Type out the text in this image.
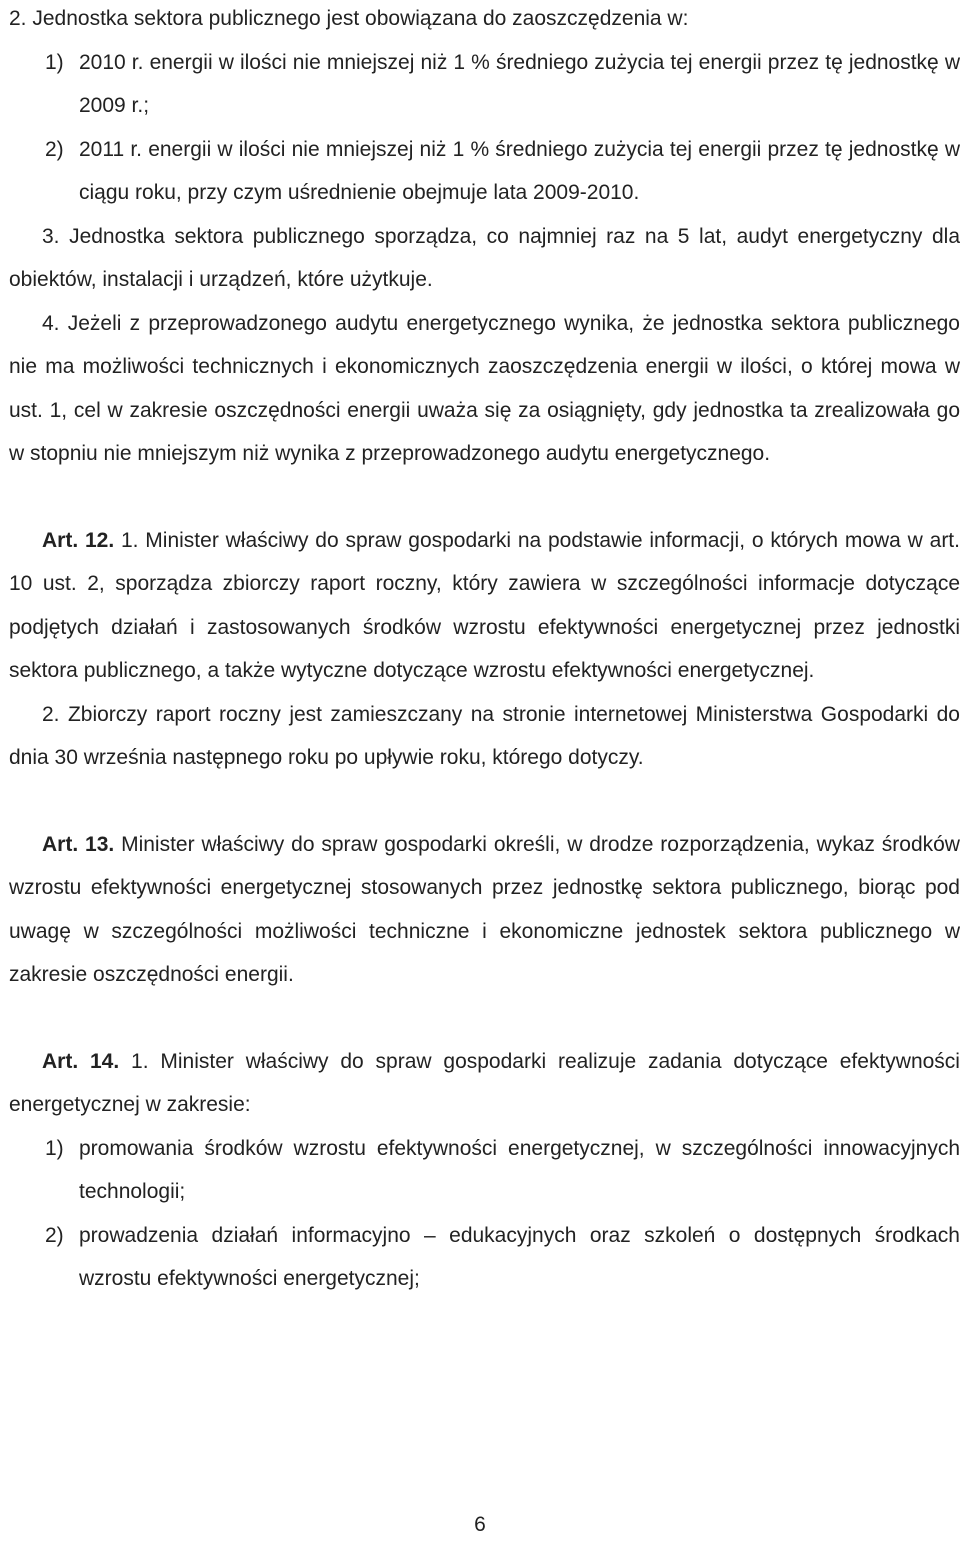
2. Jednostka sektora publicznego jest obowiązana do zaoszczędzenia w:

1) 2010 r. energii w ilości nie mniejszej niż 1 % średniego zużycia tej energii przez tę jednostkę w 2009 r.;
2) 2011 r. energii w ilości nie mniejszej niż 1 % średniego zużycia tej energii przez tę jednostkę w ciągu roku, przy czym uśrednienie obejmuje lata 2009-2010.

3. Jednostka sektora publicznego sporządza, co najmniej raz na 5 lat, audyt energetyczny dla obiektów, instalacji i urządzeń, które użytkuje.

4. Jeżeli z przeprowadzonego audytu energetycznego wynika, że jednostka sektora publicznego nie ma możliwości technicznych i ekonomicznych zaoszczędzenia energii w ilości, o której mowa w ust. 1, cel w zakresie oszczędności energii uważa się za osiągnięty, gdy jednostka ta zrealizowała go w stopniu nie mniejszym niż wynika z przeprowadzonego audytu energetycznego.

Art. 12. 1. Minister właściwy do spraw gospodarki na podstawie informacji, o których mowa w art. 10 ust. 2, sporządza zbiorczy raport roczny, który zawiera w szczególności informacje dotyczące podjętych działań i zastosowanych środków wzrostu efektywności energetycznej przez jednostki sektora publicznego, a także wytyczne dotyczące wzrostu efektywności energetycznej.

2. Zbiorczy raport roczny jest zamieszczany na stronie internetowej Ministerstwa Gospodarki do dnia 30 września następnego roku po upływie roku, którego dotyczy.

Art. 13. Minister właściwy do spraw gospodarki określi, w drodze rozporządzenia, wykaz środków wzrostu efektywności energetycznej stosowanych przez jednostkę sektora publicznego, biorąc pod uwagę w szczególności możliwości techniczne i ekonomiczne jednostek sektora publicznego w zakresie oszczędności energii.

Art. 14. 1. Minister właściwy do spraw gospodarki realizuje zadania dotyczące efektywności energetycznej w zakresie:

1) promowania środków wzrostu efektywności energetycznej, w szczególności innowacyjnych technologii;
2) prowadzenia działań informacyjno – edukacyjnych oraz szkoleń o dostępnych środkach wzrostu efektywności energetycznej;
6
